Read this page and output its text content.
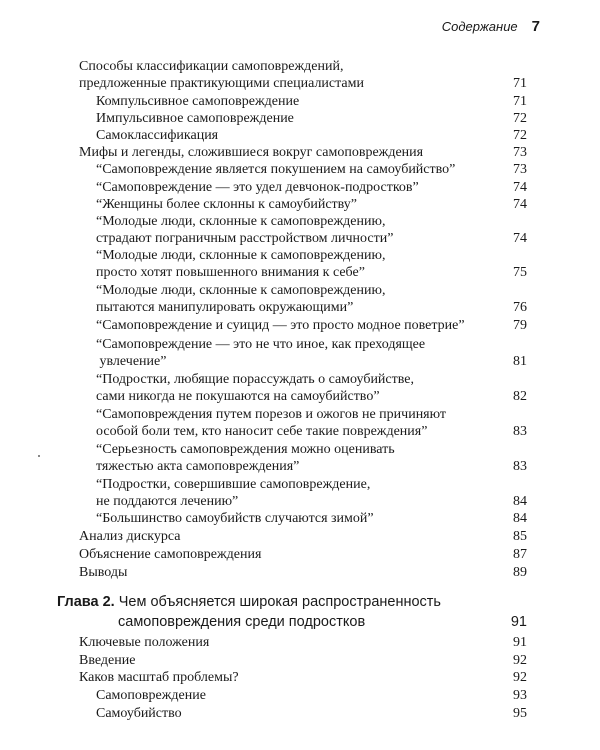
Содержание 7
Способы классификации самоповреждений,
предложенные практикующими специалистами	71
Компульсивное самоповреждение	71
Импульсивное самоповреждение	72
Самоклассификация	72
Мифы и легенды, сложившиеся вокруг самоповреждения	73
“Самоповреждение является покушением на самоубийство”	73
“Самоповреждение — это удел девчонок-подростков”	74
“Женщины более склонны к самоубийству”	74
“Молодые люди, склонные к самоповреждению,
страдают пограничным расстройством личности”	74
“Молодые люди, склонные к самоповреждению,
просто хотят повышенного внимания к себе”	75
“Молодые люди, склонные к самоповреждению,
пытаются манипулировать окружающими”	76
“Самоповреждение и суицид — это просто модное поветрие”	79
“Самоповреждение — это не что иное, как преходящее
увлечение”	81
“Подростки, любящие порассуждать о самоубийстве,
сами никогда не покушаются на самоубийство”	82
“Самоповреждения путем порезов и ожогов не причиняют
особой боли тем, кто наносит себе такие повреждения”	83
“Серьезность самоповреждения можно оценивать
тяжестью акта самоповреждения”	83
“Подростки, совершившие самоповреждение,
не поддаются лечению”	84
“Большинство самоубийств случаются зимой”	84
Анализ дискурса	85
Объяснение самоповреждения	87
Выводы	89
Глава 2. Чем объясняется широкая распространенность
самоповреждения среди подростков	91
Ключевые положения	91
Введение	92
Каков масштаб проблемы?	92
Самоповреждение	93
Самоубийство	95
